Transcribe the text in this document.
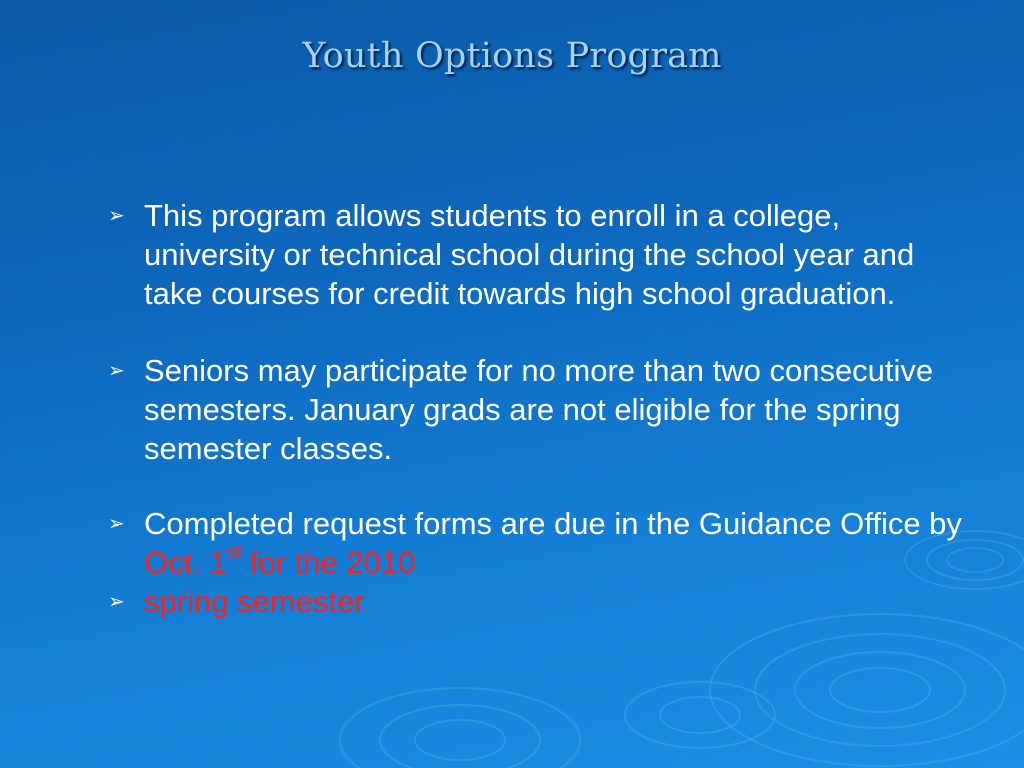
Youth Options Program
➢ This program allows students to enroll in a college, university or technical school during the school year and take courses for credit towards high school graduation.
➢ Seniors may participate for no more than two consecutive semesters. January grads are not eligible for the spring semester classes.
➢ Completed request forms are due in the Guidance Office by Oct. 1st for the 2010
➢ spring semester.
